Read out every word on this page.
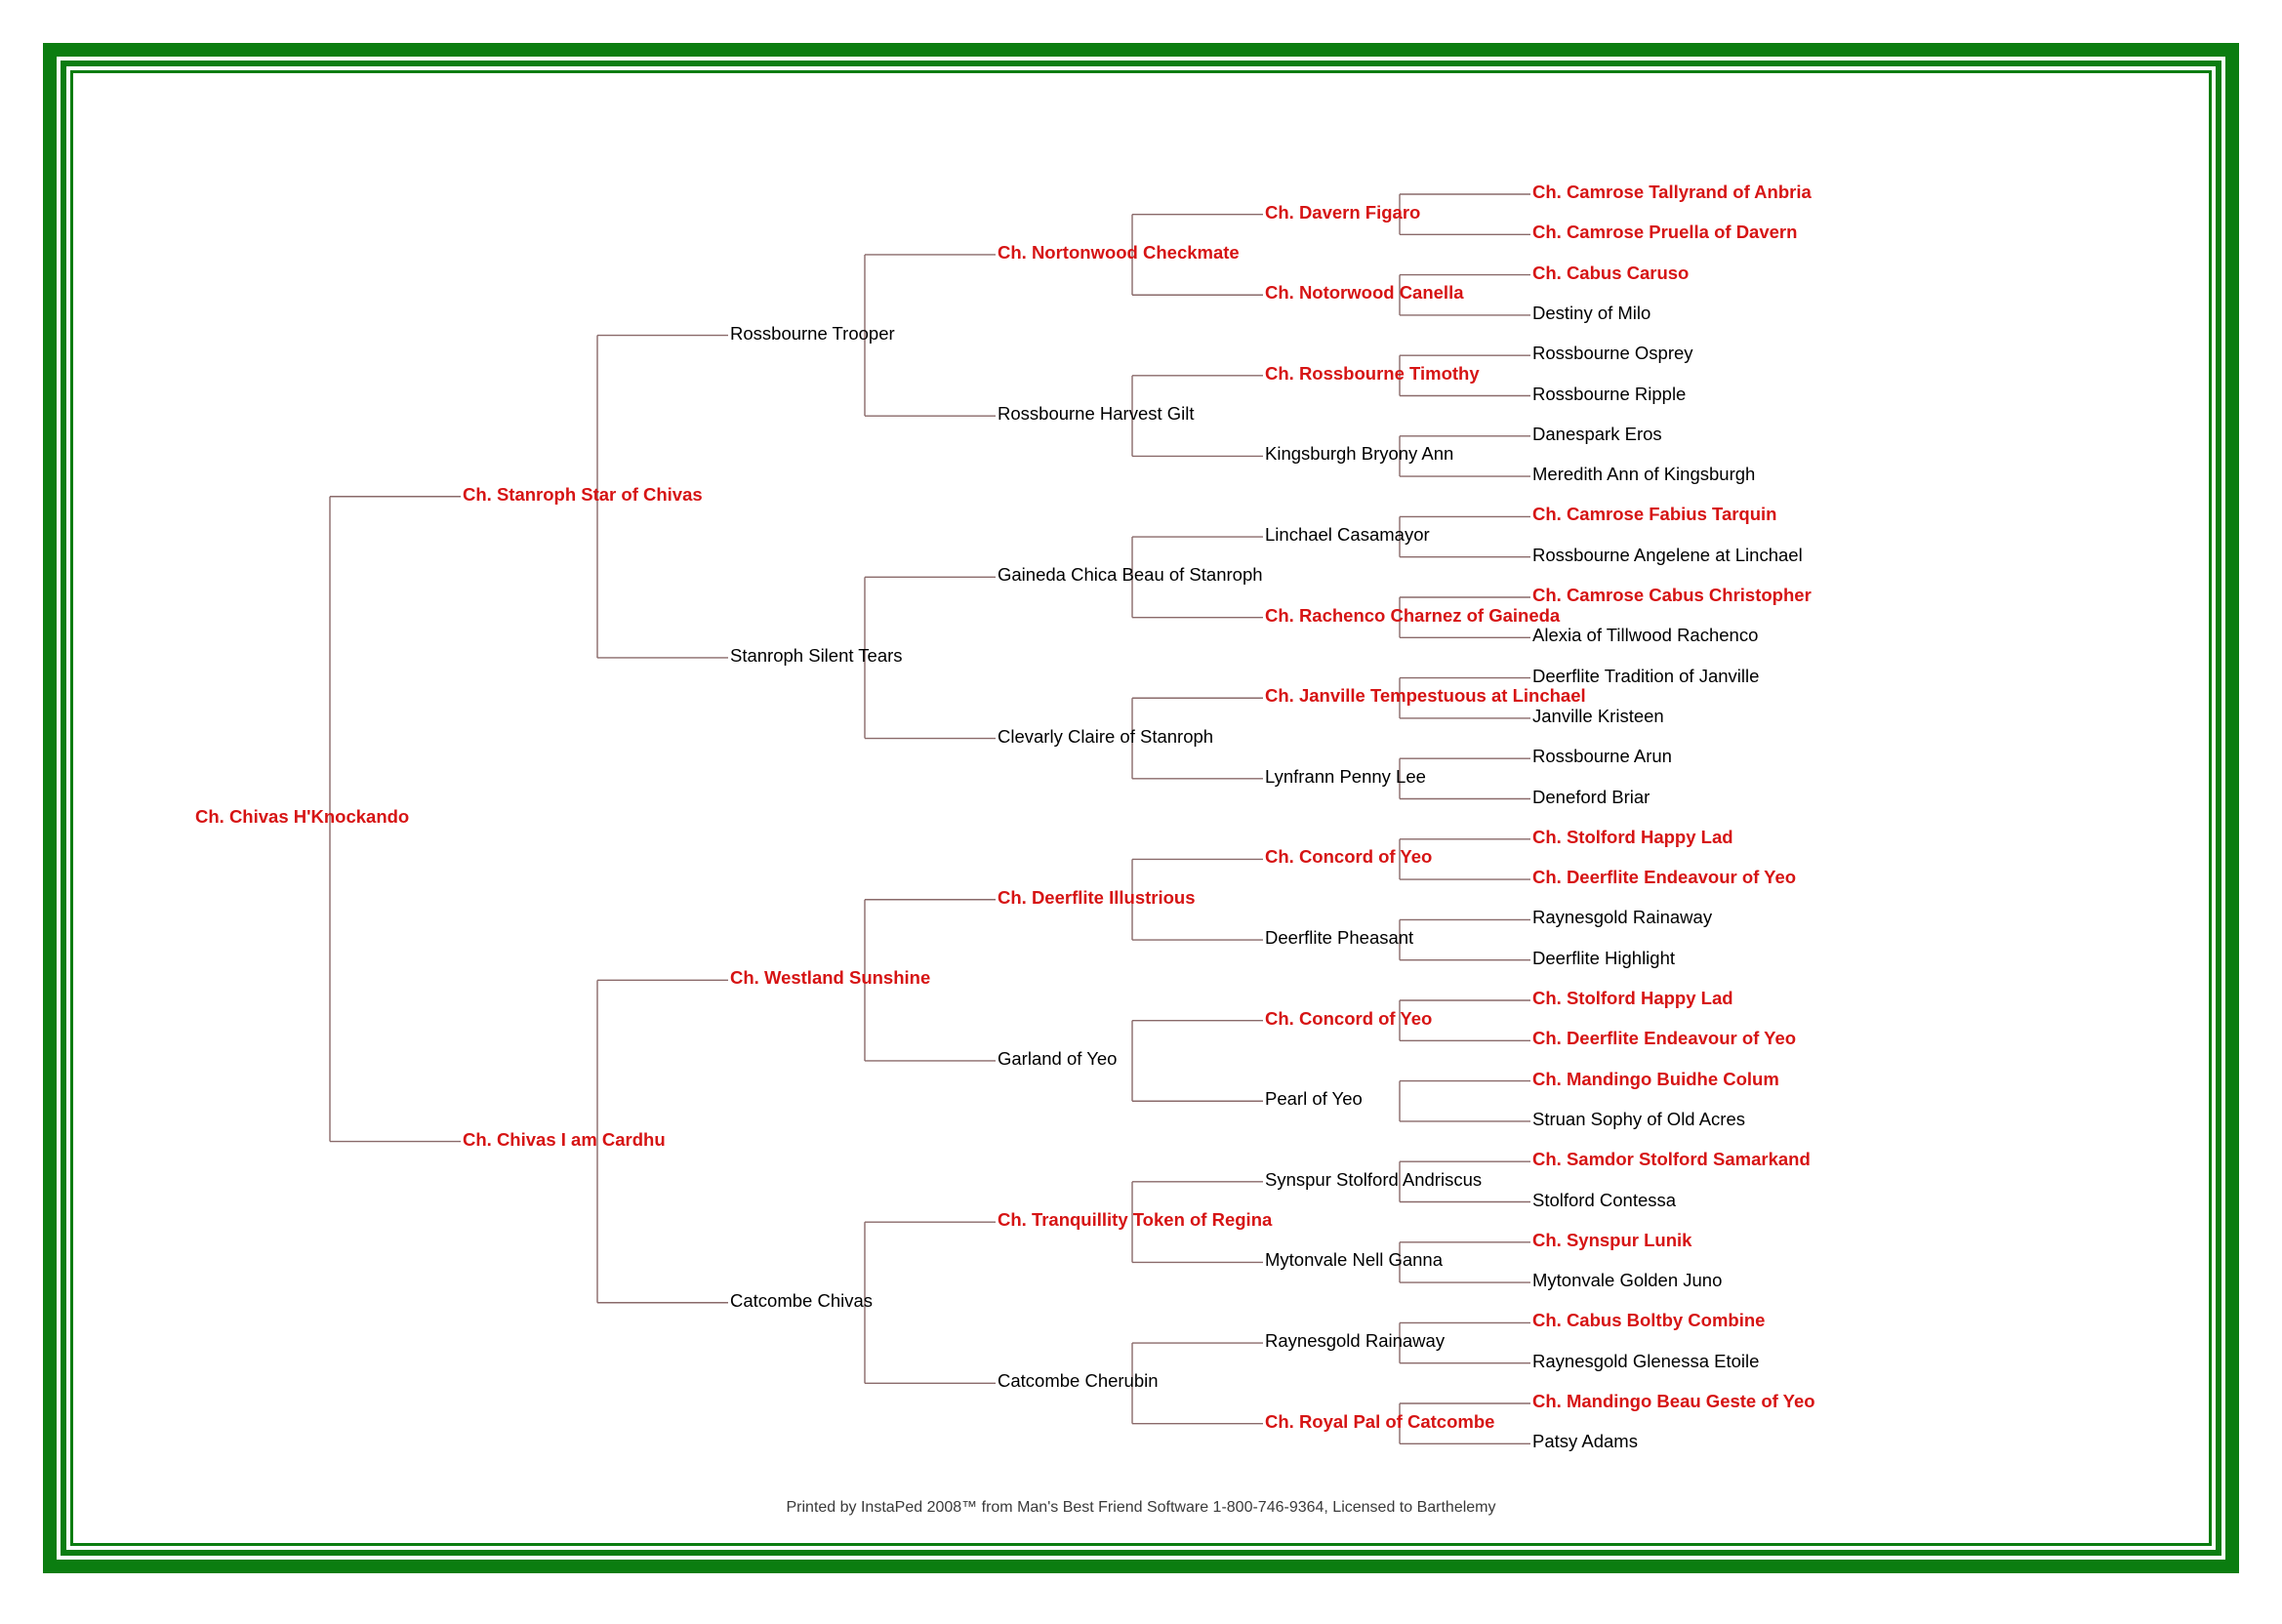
Ch. Camrose Tallyrand of Anbria
Ch. Camrose Pruella of Davern
Ch. Davern Figaro
Ch. Cabus Caruso
Destiny of Milo
Ch. Notorwood Canella
Ch. Nortonwood Checkmate
Rossbourne Osprey
Rossbourne Ripple
Ch. Rossbourne Timothy
Danespark Eros
Meredith Ann of Kingsburgh
Kingsburgh Bryony Ann
Rossbourne Harvest Gilt
Rossbourne Trooper
Ch. Camrose Fabius Tarquin
Rossbourne Angelene at Linchael
Linchael Casamayor
Ch. Camrose Cabus Christopher
Alexia of Tillwood Rachenco
Ch. Rachenco Charnez of Gaineda
Gaineda Chica Beau of Stanroph
Deerflite Tradition of Janville
Janville Kristeen
Ch. Janville Tempestuous at Linchael
Rossbourne Arun
Deneford Briar
Lynfrann Penny Lee
Clevarly Claire of Stanroph
Stanroph Silent Tears
Ch. Stanroph Star of Chivas
Ch. Stolford Happy Lad
Ch. Deerflite Endeavour of Yeo
Ch. Concord of Yeo
Raynesgold Rainaway
Deerflite Highlight
Deerflite Pheasant
Ch. Deerflite Illustrious
Ch. Stolford Happy Lad
Ch. Deerflite Endeavour of Yeo
Ch. Concord of Yeo
Ch. Mandingo Buidhe Colum
Struan Sophy of Old Acres
Pearl of Yeo
Garland of Yeo
Ch. Westland Sunshine
Ch. Samdor Stolford Samarkand
Stolford Contessa
Synspur Stolford Andriscus
Ch. Synspur Lunik
Mytonvale Golden Juno
Mytonvale Nell Ganna
Ch. Tranquillity Token of Regina
Ch. Cabus Boltby Combine
Raynesgold Glenessa Etoile
Raynesgold Rainaway
Ch. Mandingo Beau Geste of Yeo
Patsy Adams
Ch. Royal Pal of Catcombe
Catcombe Cherubin
Catcombe Chivas
Ch. Chivas I am Cardhu
Ch. Chivas H'Knockando
Printed by InstaPed 2008™ from Man's Best Friend Software 1-800-746-9364, Licensed to Barthelemy
